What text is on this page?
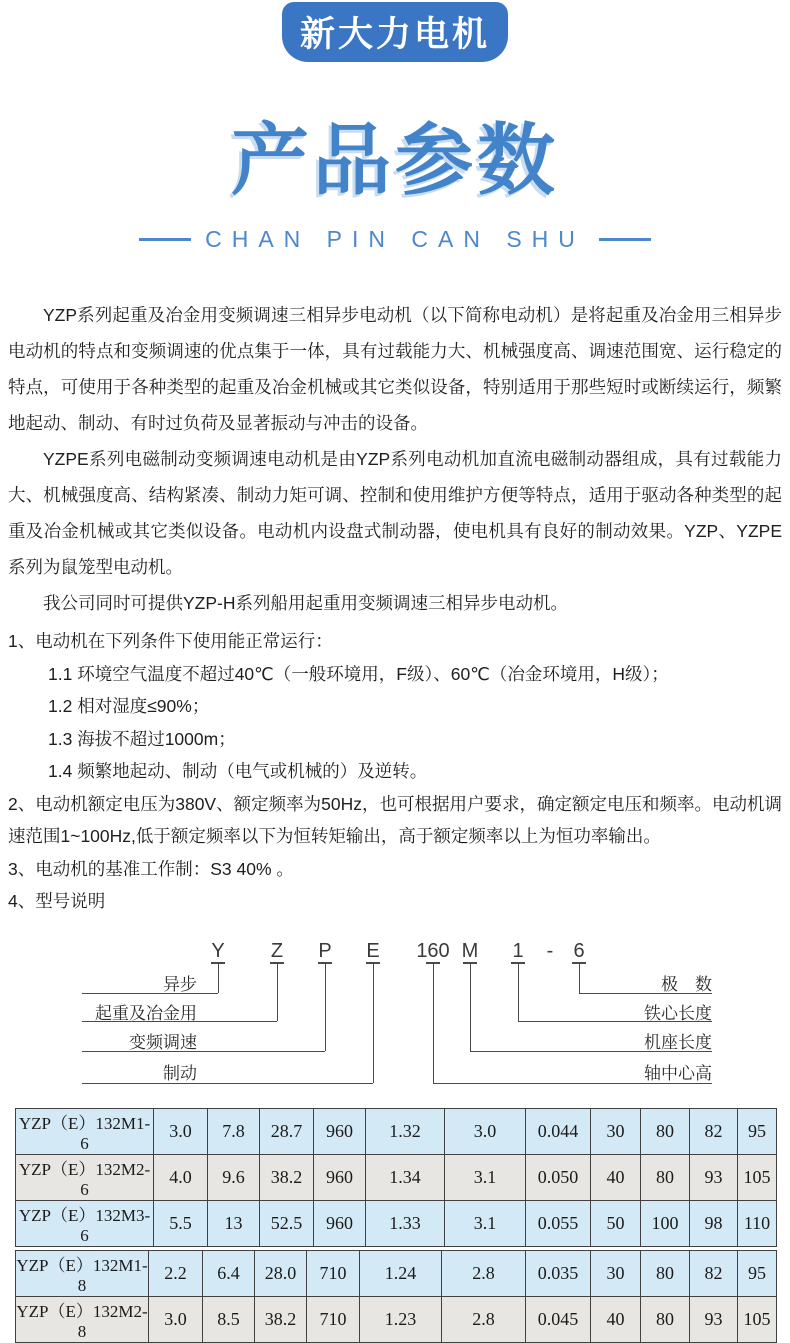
新大力电机
产品参数
CHAN PIN CAN SHU

YZP系列起重及冶金用变频调速三相异步电动机（以下简称电动机）是将起重及冶金用三相异步电动机的特点和变频调速的优点集于一体，具有过载能力大、机械强度高、调速范围宽、运行稳定的特点，可使用于各种类型的起重及冶金机械或其它类似设备，特别适用于那些短时或断续运行，频繁地起动、制动、有时过负荷及显著振动与冲击的设备。

YZPE系列电磁制动变频调速电动机是由YZP系列电动机加直流电磁制动器组成，具有过载能力大、机械强度高、结构紧凑、制动力矩可调、控制和使用维护方便等特点，适用于驱动各种类型的起重及冶金机械或其它类似设备。电动机内设盘式制动器，使电机具有良好的制动效果。YZP、YZPE系列为鼠笼型电动机。

我公司同时可提供YZP-H系列船用起重用变频调速三相异步电动机。

1、电动机在下列条件下使用能正常运行：

1.1 环境空气温度不超过40℃（一般环境用，F级）、60℃（冶金环境用，H级）；

1.2 相对湿度≤90%；

1.3 海拔不超过1000m；

1.4 频繁地起动、制动（电气或机械的）及逆转。

2、电动机额定电压为380V、额定频率为50Hz，也可根据用户要求，确定额定电压和频率。电动机调速范围1~100Hz,低于额定频率以下为恒转矩输出，高于额定频率以上为恒功率输出。

3、电动机的基准工作制：S3 40% 。

4、型号说明

Y Z P E 160 M 1 - 6
异步
起重及冶金用
变频调速
制动
极　数
铁心长度
机座长度
轴中心高
YZP（E）132M1-6	3.0	7.8	28.7	960	1.32	3.0	0.044	30	80	82	95
YZP（E）132M2-6	4.0	9.6	38.2	960	1.34	3.1	0.050	40	80	93	105
YZP（E）132M3-6	5.5	13	52.5	960	1.33	3.1	0.055	50	100	98	110
YZP（E）132M1-8	2.2	6.4	28.0	710	1.24	2.8	0.035	30	80	82	95
YZP（E）132M2-8	3.0	8.5	38.2	710	1.23	2.8	0.045	40	80	93	105
